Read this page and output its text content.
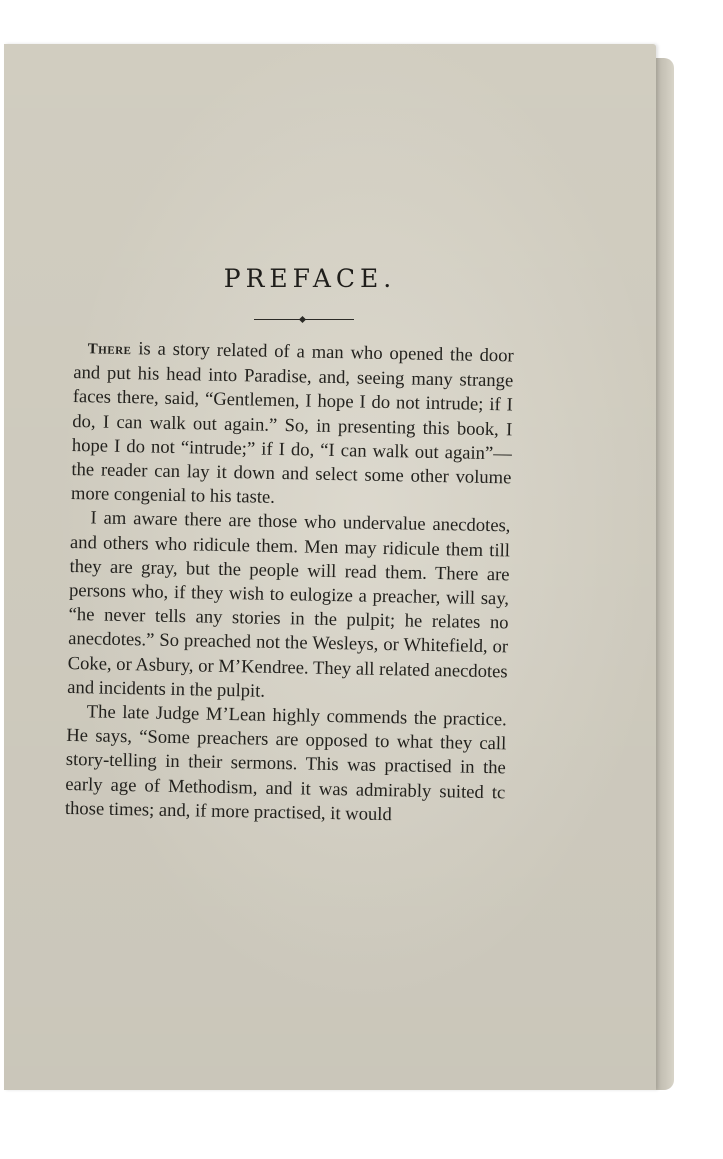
PREFACE.

There is a story related of a man who opened the door and put his head into Paradise, and, seeing many strange faces there, said, “Gentlemen, I hope I do not intrude; if I do, I can walk out again.” So, in presenting this book, I hope I do not “intrude;” if I do, “I can walk out again”—the reader can lay it down and select some other volume more congenial to his taste.

I am aware there are those who undervalue anecdotes, and others who ridicule them. Men may ridicule them till they are gray, but the people will read them. There are persons who, if they wish to eulogize a preacher, will say, “he never tells any stories in the pulpit; he relates no anecdotes.” So preached not the Wesleys, or Whitefield, or Coke, or Asbury, or M’Kendree. They all related anecdotes and incidents in the pulpit.

The late Judge M’Lean highly commends the practice. He says, “Some preachers are opposed to what they call story-telling in their sermons. This was practised in the early age of Methodism, and it was admirably suited tc those times; and, if more practised, it would
